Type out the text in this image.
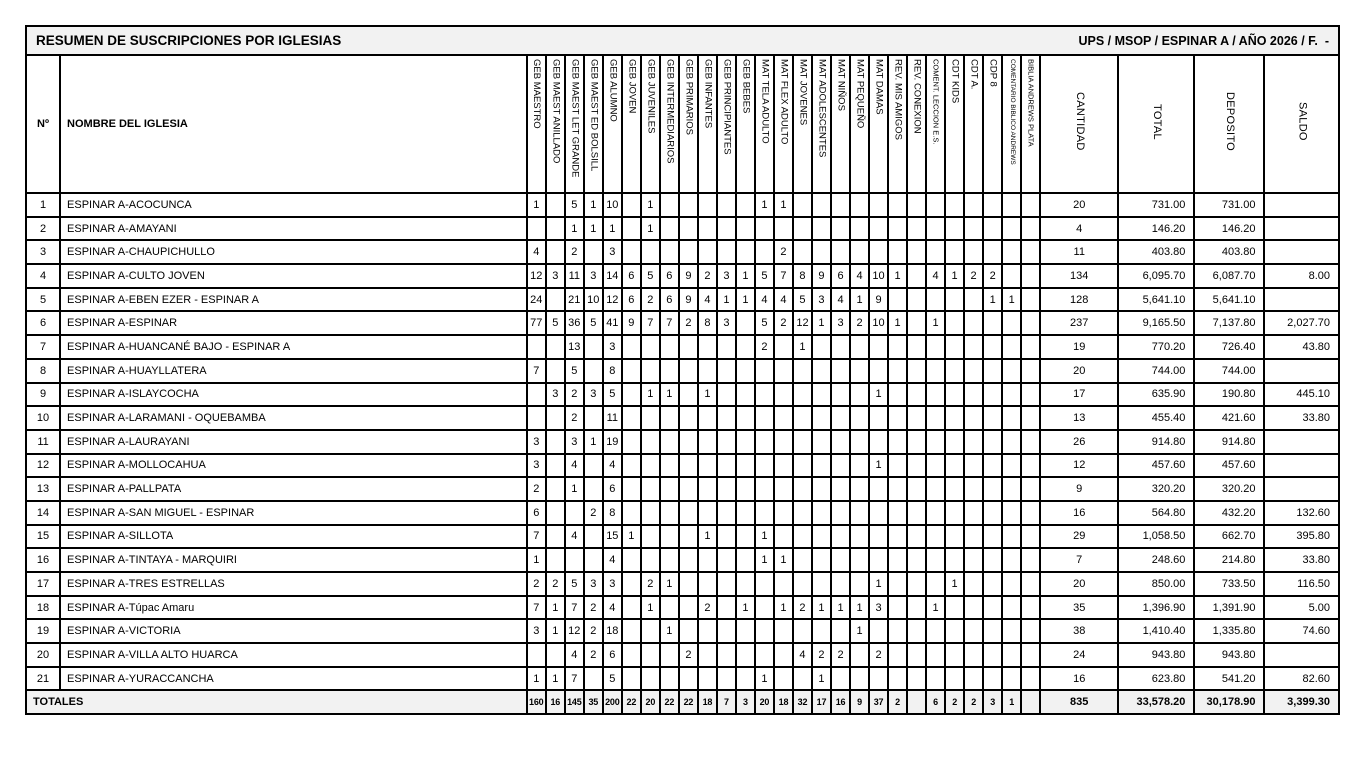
RESUMEN DE SUSCRIPCIONES POR IGLESIAS	UPS / MSOP / ESPINAR A / AÑO 2026 / F.  -
Nº	NOMBRE DEL IGLESIA	GEB MAESTRO	GEB MAEST ANILLADO	GEB MAEST LET GRANDE	GEB MAEST ED BOLSILL	GEB ALUMNO	GEB JOVEN	GEB JUVENILES	GEB INTERMEDIARIOS	GEB PRIMARIOS	GEB INFANTES	GEB PRINCIPIANTES	GEB BEBES	MAT TELA ADULTO	MAT FLEX ADULTO	MAT JOVENES	MAT ADOLESCENTES	MAT NIÑOS	MAT PEQUEÑO	MAT DAMAS	REV. MIS AMIGOS	REV. CONEXION	COMENT. LECCION E.S.	CDT KIDS	CDT A.	CDP 8	COMENTARIO BIBLICO ANDREWS	BIBLIA ANDREWS PLATA	CANTIDAD	TOTAL	DEPOSITO	SALDO
1	ESPINAR A-ACOCUNCA	1		5	1	10		1						1	1														20	731.00	731.00	
2	ESPINAR A-AMAYANI			1	1	1		1																					4	146.20	146.20	
3	ESPINAR A-CHAUPICHULLO	4		2		3									2														11	403.80	403.80	
4	ESPINAR A-CULTO JOVEN	12	3	11	3	14	6	5	6	9	2	3	1	5	7	8	9	6	4	10	1		4	1	2	2			134	6,095.70	6,087.70	8.00
5	ESPINAR A-EBEN EZER - ESPINAR A	24		21	10	12	6	2	6	9	4	1	1	4	4	5	3	4	1	9						1	1		128	5,641.10	5,641.10	
6	ESPINAR A-ESPINAR	77	5	36	5	41	9	7	7	2	8	3		5	2	12	1	3	2	10	1		1						237	9,165.50	7,137.80	2,027.70
7	ESPINAR A-HUANCANÉ BAJO - ESPINAR A			13		3								2		1													19	770.20	726.40	43.80
8	ESPINAR A-HUAYLLATERA	7		5		8																							20	744.00	744.00	
9	ESPINAR A-ISLAYCOCHA		3	2	3	5		1	1		1									1									17	635.90	190.80	445.10
10	ESPINAR A-LARAMANI - OQUEBAMBA			2		11																							13	455.40	421.60	33.80
11	ESPINAR A-LAURAYANI	3		3	1	19																							26	914.80	914.80	
12	ESPINAR A-MOLLOCAHUA	3		4		4														1									12	457.60	457.60	
13	ESPINAR A-PALLPATA	2		1		6																							9	320.20	320.20	
14	ESPINAR A-SAN MIGUEL - ESPINAR	6			2	8																							16	564.80	432.20	132.60
15	ESPINAR A-SILLOTA	7		4		15	1				1			1															29	1,058.50	662.70	395.80
16	ESPINAR A-TINTAYA - MARQUIRI	1				4								1	1														7	248.60	214.80	33.80
17	ESPINAR A-TRES ESTRELLAS	2	2	5	3	3		2	1											1				1					20	850.00	733.50	116.50
18	ESPINAR A-Túpac Amaru	7	1	7	2	4		1			2		1		1	2	1	1	1	3			1						35	1,396.90	1,391.90	5.00
19	ESPINAR A-VICTORIA	3	1	12	2	18			1										1										38	1,410.40	1,335.80	74.60
20	ESPINAR A-VILLA ALTO HUARCA			4	2	6				2						4	2	2		2									24	943.80	943.80	
21	ESPINAR A-YURACCANCHA	1	1	7		5								1			1												16	623.80	541.20	82.60
TOTALES		160	16	145	35	200	22	20	22	22	18	7	3	20	18	32	17	16	9	37	2		6	2	2	3	1		835	33,578.20	30,178.90	3,399.30
